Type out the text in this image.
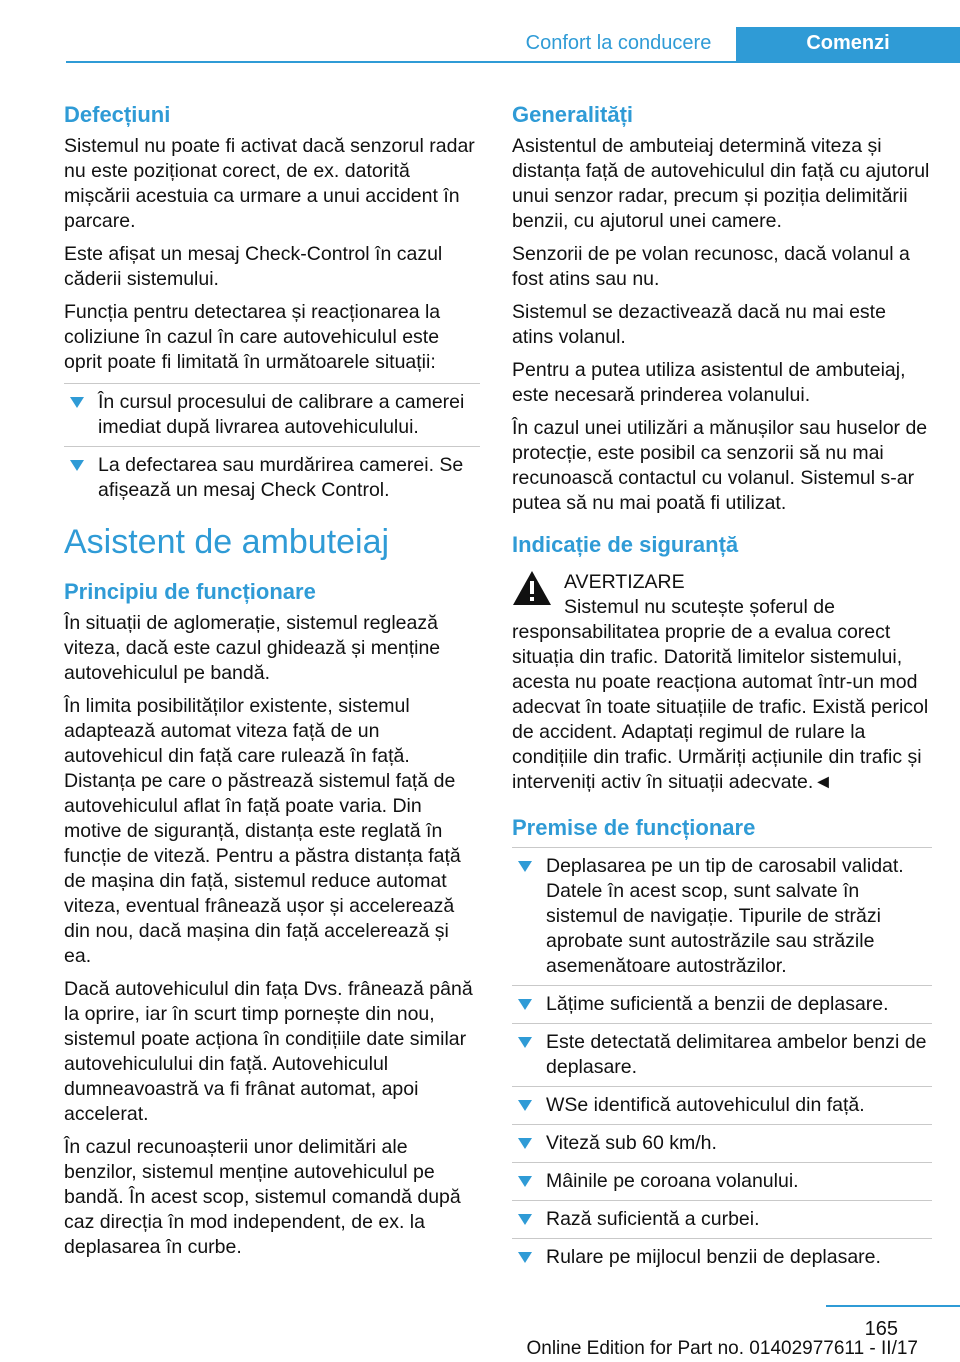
Confort la conducere	Comenzi
Defecțiuni

Sistemul nu poate fi activat dacă senzorul radar nu este poziționat corect, de ex. datorită mișcării acestuia ca urmare a unui accident în parcare.

Este afișat un mesaj Check-Control în cazul căderii sistemului.

Funcția pentru detectarea și reacționarea la coliziune în cazul în care autovehiculul este oprit poate fi limitată în următoarele situații:

În cursul procesului de calibrare a camerei imediat după livrarea autovehiculului.
La defectarea sau murdărirea camerei. Se afișează un mesaj Check Control.
Asistent de ambuteiaj
Principiu de funcționare

În situații de aglomerație, sistemul reglează viteza, dacă este cazul ghidează și menține autovehiculul pe bandă.

În limita posibilităților existente, sistemul adaptează automat viteza față de un autovehicul din față care rulează în față. Distanța pe care o păstrează sistemul față de autovehiculul aflat în față poate varia. Din motive de siguranță, distanța este reglată în funcție de viteză. Pentru a păstra distanța față de mașina din față, sistemul reduce automat viteza, eventual frânează ușor și accelerează din nou, dacă mașina din față accelerează și ea.

Dacă autovehiculul din fața Dvs. frânează până la oprire, iar în scurt timp pornește din nou, sistemul poate acționa în condițiile date similar autovehiculului din față. Autovehiculul dumneavoastră va fi frânat automat, apoi accelerat.

În cazul recunoașterii unor delimitări ale benzilor, sistemul menține autovehiculul pe bandă. În acest scop, sistemul comandă după caz direcția în mod independent, de ex. la deplasarea în curbe.

Generalități

Asistentul de ambuteiaj determină viteza și distanța față de autovehiculul din față cu ajutorul unui senzor radar, precum și poziția delimitării benzii, cu ajutorul unei camere.

Senzorii de pe volan recunosc, dacă volanul a fost atins sau nu.

Sistemul se dezactivează dacă nu mai este atins volanul.

Pentru a putea utiliza asistentul de ambuteiaj, este necesară prinderea volanului.

În cazul unei utilizări a mănușilor sau huselor de protecție, este posibil ca senzorii să nu mai recunoască contactul cu volanul. Sistemul s-ar putea să nu mai poată fi utilizat.

Indicație de siguranță
AVERTIZARE

Sistemul nu scutește șoferul de responsabilitatea proprie de a evalua corect situația din trafic. Datorită limitelor sistemului, acesta nu poate reacționa automat într-un mod adecvat în toate situațiile de trafic. Există pericol de accident. Adaptați regimul de rulare la condițiile din trafic. Urmăriți acțiunile din trafic și interveniți activ în situații adecvate.◄

Premise de funcționare
Deplasarea pe un tip de carosabil validat. Datele în acest scop, sunt salvate în sistemul de navigație. Tipurile de străzi aprobate sunt autostrăzile sau străzile asemenătoare autostrăzilor.
Lățime suficientă a benzii de deplasare.
Este detectată delimitarea ambelor benzi de deplasare.
WSe identifică autovehiculul din față.
Viteză sub 60 km/h.
Mâinile pe coroana volanului.
Rază suficientă a curbei.
Rulare pe mijlocul benzii de deplasare.
165
Online Edition for Part no. 01402977611 - II/17
